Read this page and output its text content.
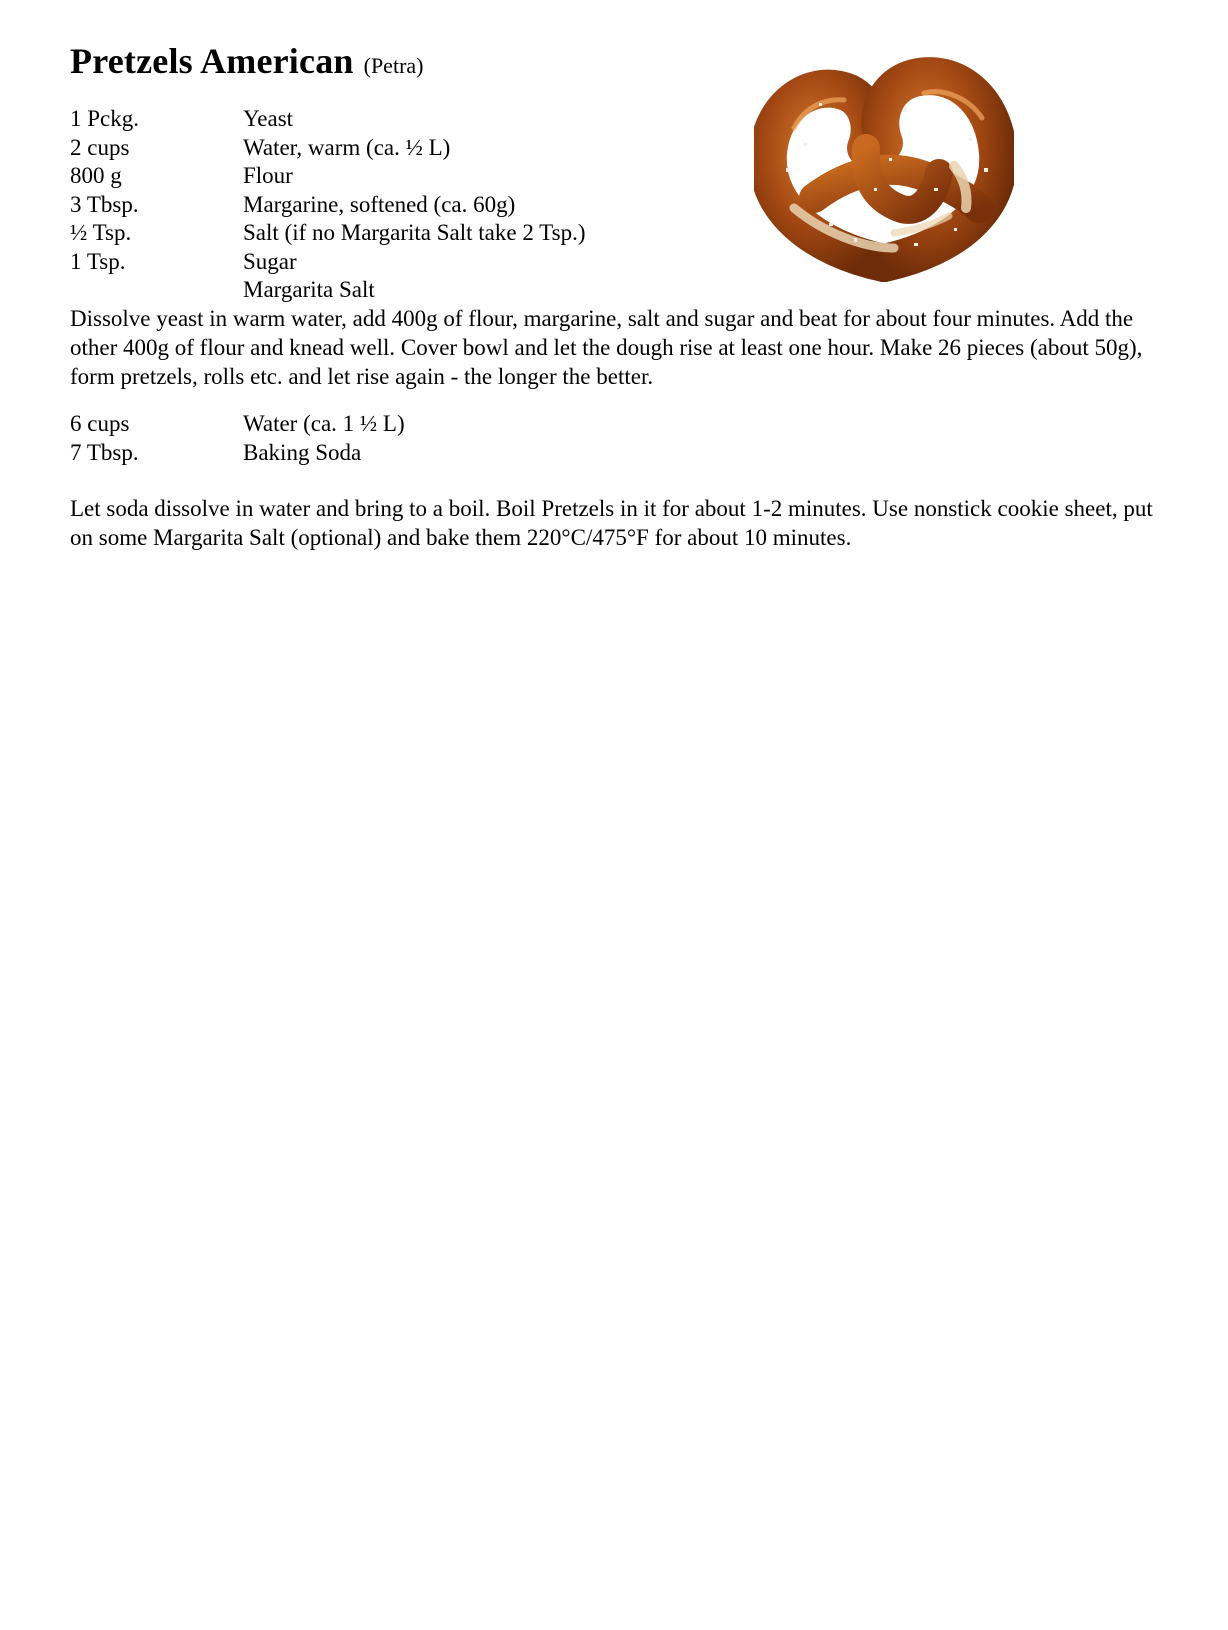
Pretzels American (Petra)
1 Pckg.	Yeast
2 cups	Water, warm (ca. ½ L)
800 g	Flour
3 Tbsp.	Margarine, softened (ca. 60g)
½ Tsp.	Salt (if no Margarita Salt take 2 Tsp.)
1 Tsp.	Sugar
	Margarita Salt

Dissolve yeast in warm water, add 400g of flour, margarine, salt and sugar and beat for about four minutes. Add the other 400g of flour and knead well. Cover bowl and let the dough rise at least one hour. Make 26 pieces (about 50g), form pretzels, rolls etc. and let rise again - the longer the better.

6 cups	Water (ca. 1 ½ L)
7 Tbsp.	Baking Soda

Let soda dissolve in water and bring to a boil. Boil Pretzels in it for about 1-2 minutes. Use nonstick cookie sheet, put on some Margarita Salt (optional) and bake them 220°C/475°F for about 10 minutes.
